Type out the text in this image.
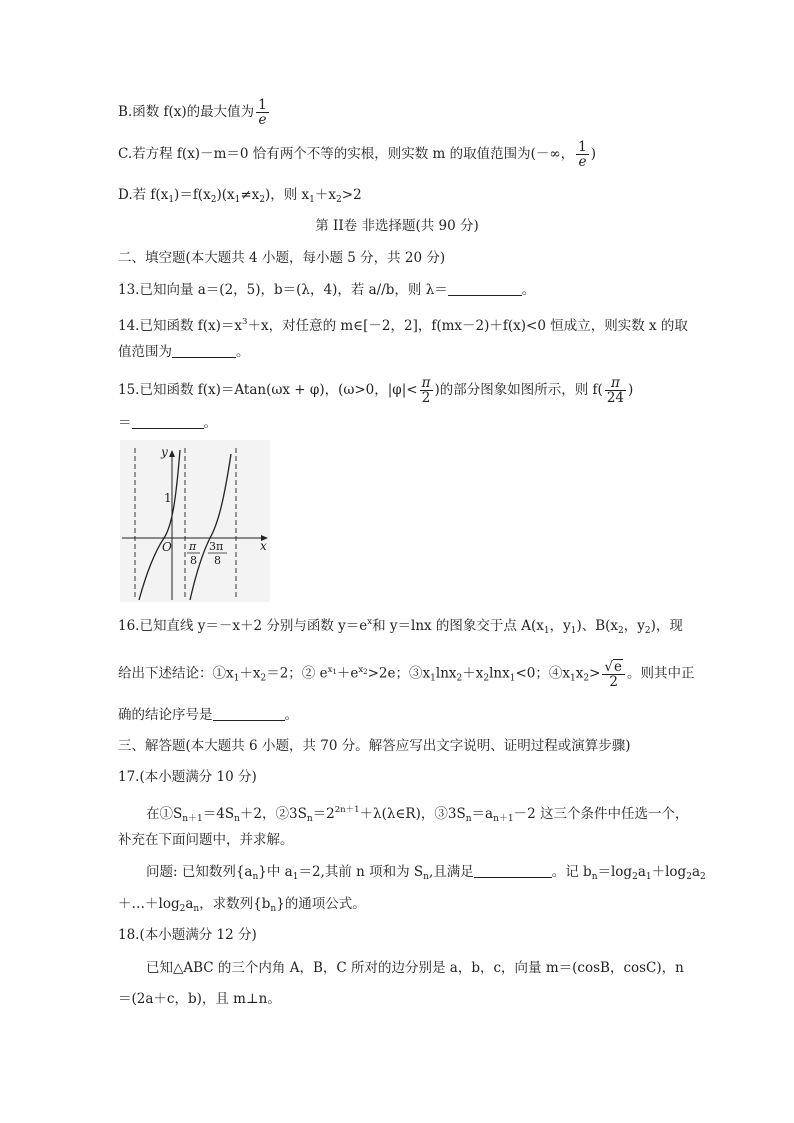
B.函数 f(x)的最大值为 $\frac{1}{e}$
C.若方程 f(x)－m＝0 恰有两个不等的实根，则实数 m 的取值范围为(－∞， $\frac{1}{e}$ )
D.若 $f(x_1)=f(x_2)(x_1\ne x_2)$，则 $x_1+x_2>2$
第 II卷 非选择题(共 90 分)
二、填空题(本大题共 4 小题，每小题 5 分，共 20 分)
13.已知向量 a＝(2，5)，b＝(λ，4)，若 a//b，则 λ＝	。
14.已知函数 $f(x)=x^3+x$，对任意的 m∈[－2，2]，f(mx－2)＋f(x)<0 恒成立，则实数 x 的取
值范围为	。
15.已知函数 f(x)＝Atan(ωx + φ)，(ω>0，$|\varphi|< \frac{\pi}{2}$ )的部分图象如图所示，则 $f( \frac{\pi}{24}$ )
＝	。
y
x
O
1
π
8
3π
8
16.已知直线 y＝－x＋2 分别与函数 $y=e^x$和 y＝lnx 的图象交于点 $A(x_1$，$y_1$)、$B(x_2$，$y_2$)，现
给出下述结论：$①x_1+x_2=2$；② $e^{x_1}+e^{x_2}>2e$；$③x_1\ln x_2+x_2\ln x_1<0$；$④x_1x_2> \frac{√e}{2}$ 。则其中正
确的结论序号是	。
三、解答题(本大题共 6 小题，共 70 分。解答应写出文字说明、证明过程或演算步骤)
17.(本小题满分 10 分)
在$①S_{n+1}=4S_n+2$，$②3S_n=2^{2n+1}+\lambda(\lambda\in R)$，$③3S_n=a_{n+1}-2$ 这三个条件中任选一个，
补充在下面问题中，并求解。
问题: 已知数列$\{a_n\}$中 $a_1=2$,其前 n 项和为 $S_n$,且满足	。记 $b_n=\log_2a_1+\log_2a_2$
$+\dots+\log_2a_n$，求数列$\{b_n\}$的通项公式。
18.(本小题满分 12 分)
已知△ABC 的三个内角 A，B，C 所对的边分别是 a，b，c，向量 m＝(cosB，cosC)，n
＝(2a＋c，b)，且 m⊥n。
